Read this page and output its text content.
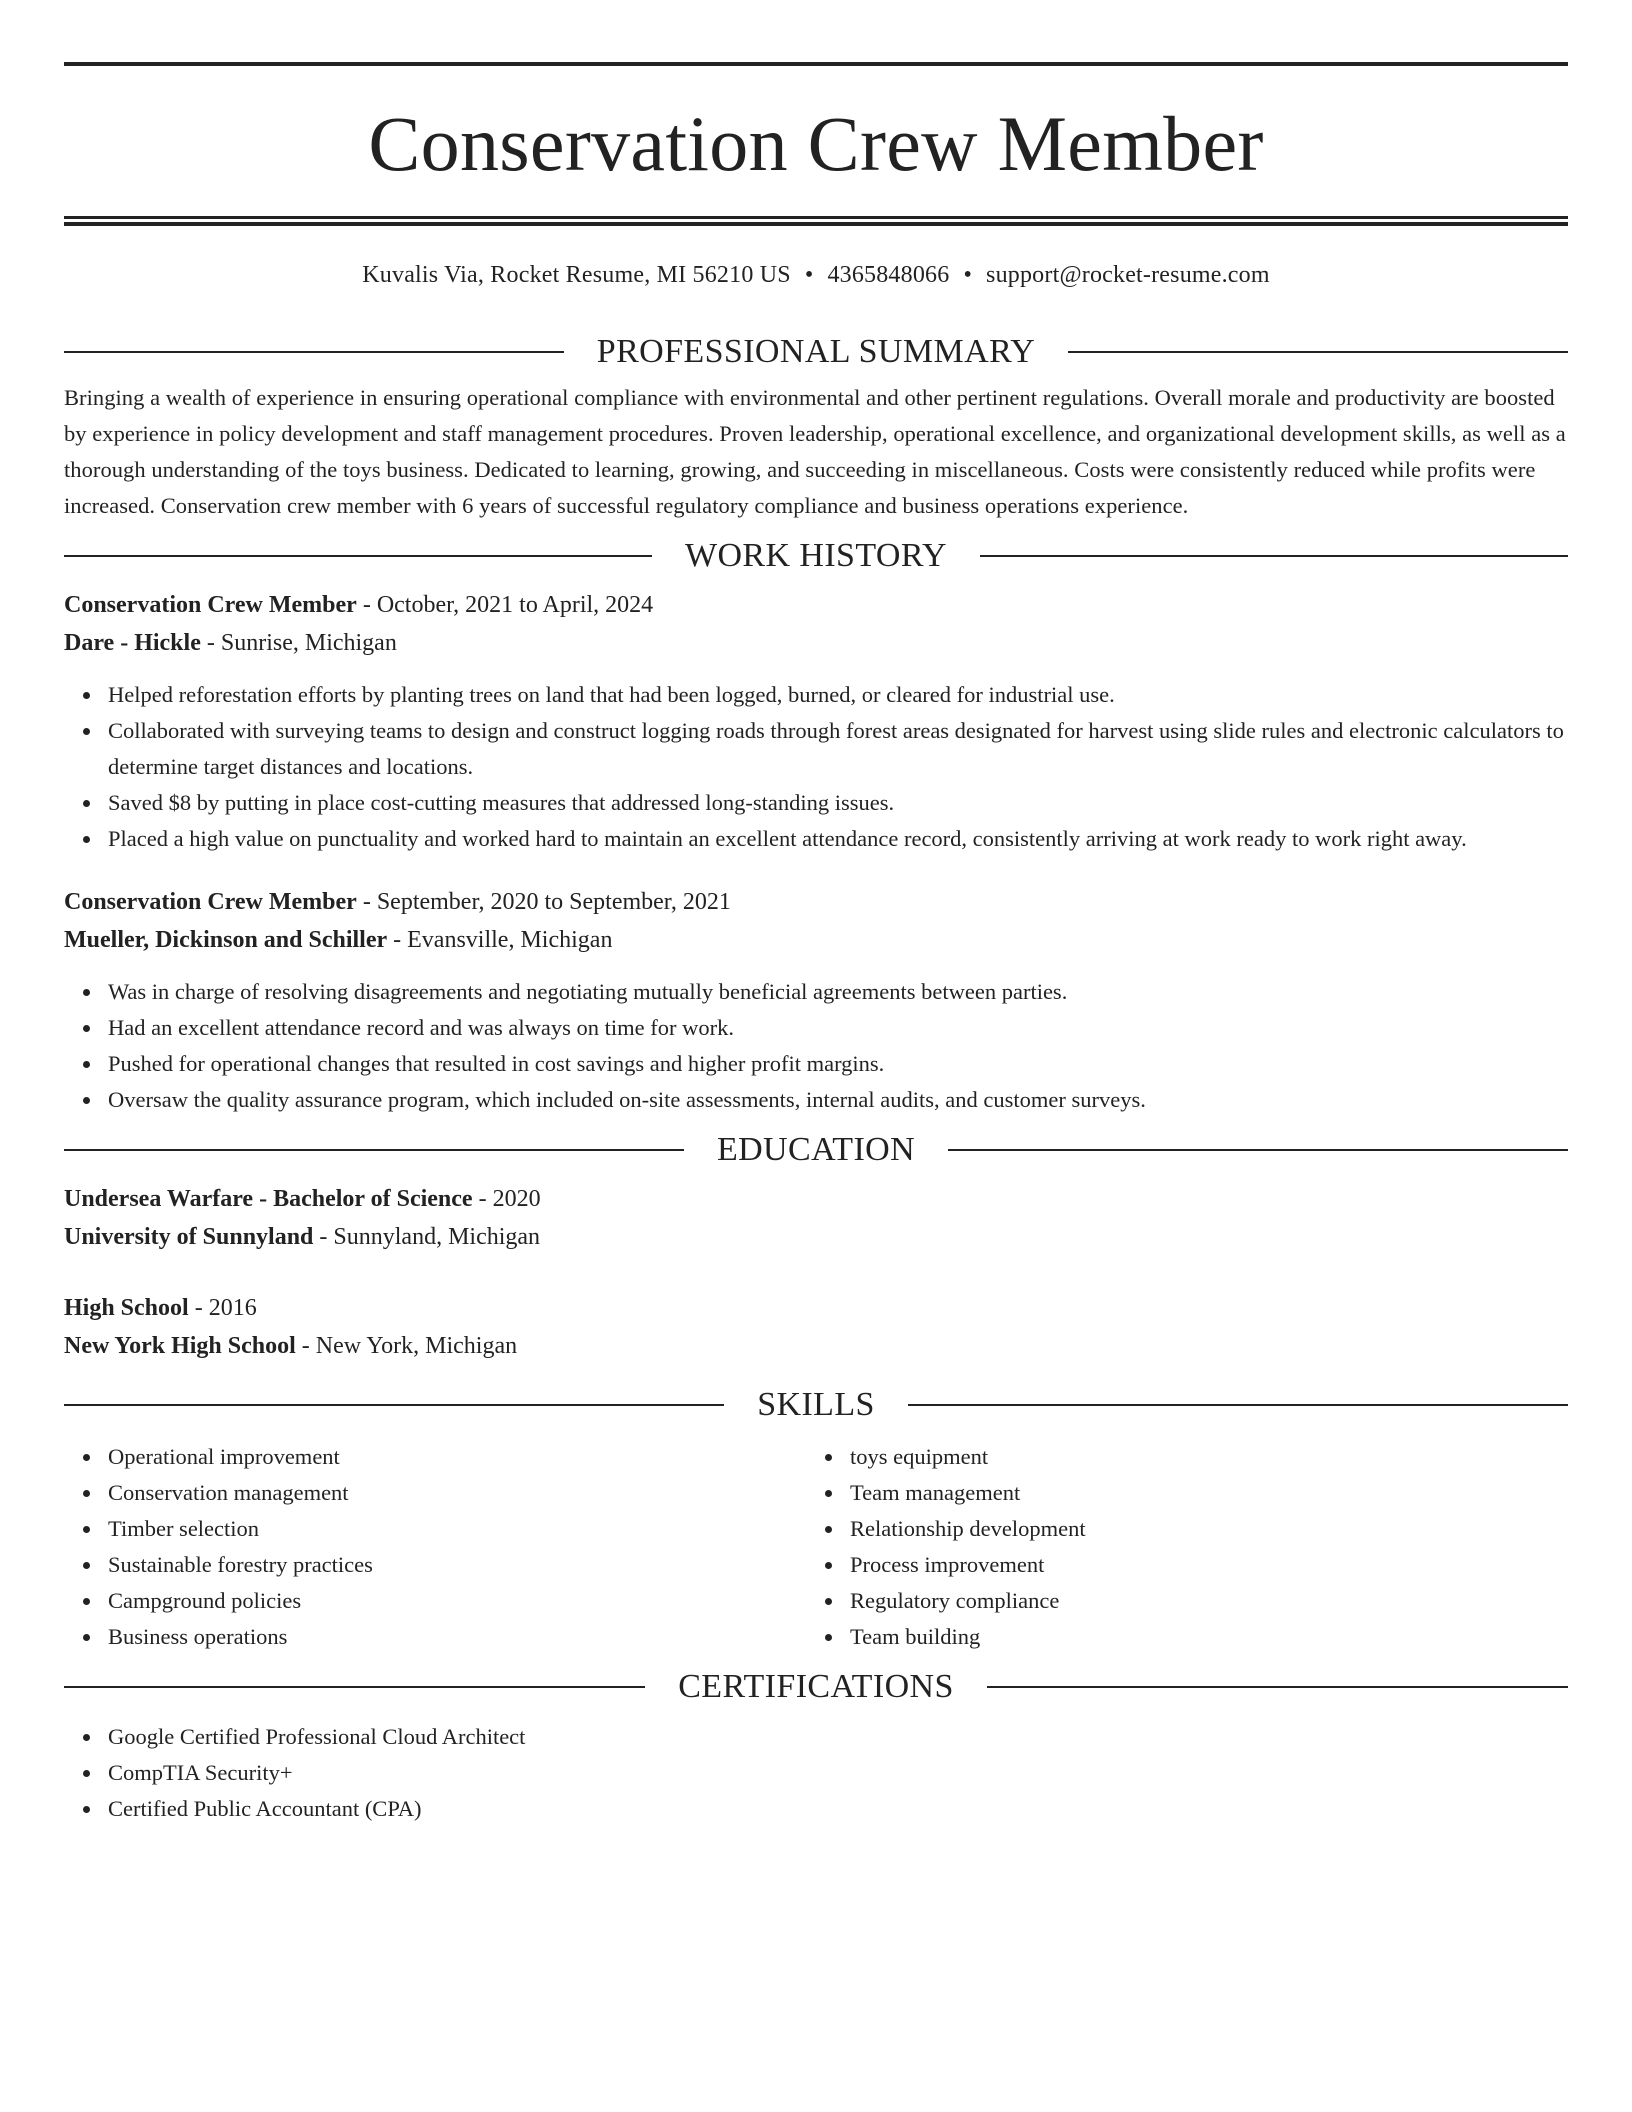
Conservation Crew Member
Kuvalis Via, Rocket Resume, MI 56210 US • 4365848066 • support@rocket-resume.com
PROFESSIONAL SUMMARY
Bringing a wealth of experience in ensuring operational compliance with environmental and other pertinent regulations. Overall morale and productivity are boosted by experience in policy development and staff management procedures. Proven leadership, operational excellence, and organizational development skills, as well as a thorough understanding of the toys business. Dedicated to learning, growing, and succeeding in miscellaneous. Costs were consistently reduced while profits were increased. Conservation crew member with 6 years of successful regulatory compliance and business operations experience.
WORK HISTORY
Conservation Crew Member - October, 2021 to April, 2024
Dare - Hickle - Sunrise, Michigan
Helped reforestation efforts by planting trees on land that had been logged, burned, or cleared for industrial use.
Collaborated with surveying teams to design and construct logging roads through forest areas designated for harvest using slide rules and electronic calculators to determine target distances and locations.
Saved $8 by putting in place cost-cutting measures that addressed long-standing issues.
Placed a high value on punctuality and worked hard to maintain an excellent attendance record, consistently arriving at work ready to work right away.
Conservation Crew Member - September, 2020 to September, 2021
Mueller, Dickinson and Schiller - Evansville, Michigan
Was in charge of resolving disagreements and negotiating mutually beneficial agreements between parties.
Had an excellent attendance record and was always on time for work.
Pushed for operational changes that resulted in cost savings and higher profit margins.
Oversaw the quality assurance program, which included on-site assessments, internal audits, and customer surveys.
EDUCATION
Undersea Warfare - Bachelor of Science - 2020
University of Sunnyland - Sunnyland, Michigan
High School - 2016
New York High School - New York, Michigan
SKILLS
Operational improvement
Conservation management
Timber selection
Sustainable forestry practices
Campground policies
Business operations
toys equipment
Team management
Relationship development
Process improvement
Regulatory compliance
Team building
CERTIFICATIONS
Google Certified Professional Cloud Architect
CompTIA Security+
Certified Public Accountant (CPA)
